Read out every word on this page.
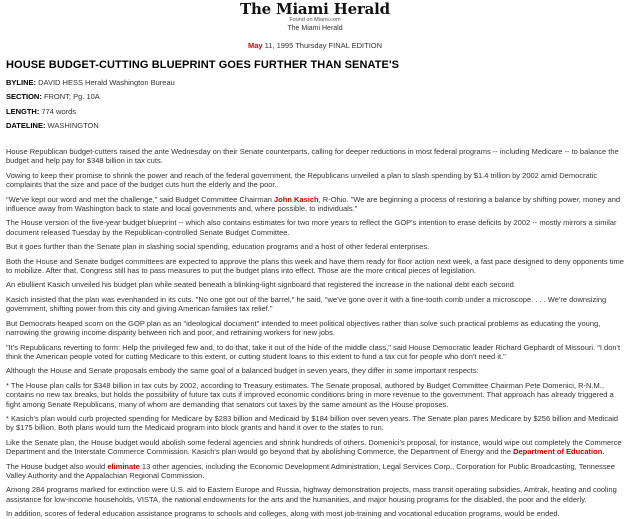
The Miami Herald
Found on Miami.com
The Miami Herald
May 11, 1995 Thursday FINAL EDITION
HOUSE BUDGET-CUTTING BLUEPRINT GOES FURTHER THAN SENATE'S
BYLINE: DAVID HESS Herald Washington Bureau
SECTION: FRONT; Pg. 10A
LENGTH: 774 words
DATELINE: WASHINGTON

House Republican budget-cutters raised the ante Wednesday on their Senate counterparts, calling for deeper reductions in most federal programs -- including Medicare -- to balance the budget and help pay for $348 billion in tax cuts.

Vowing to keep their promise to shrink the power and reach of the federal government, the Republicans unveiled a plan to slash spending by $1.4 trillion by 2002 amid Democratic complaints that the size and pace of the budget cuts hurt the elderly and the poor.

"We've kept our word and met the challenge," said Budget Committee Chairman John Kasich, R-Ohio. "We are beginning a process of restoring a balance by shifting power, money and influence away from Washington back to state and local governments and, where possible, to individuals."

The House version of the five-year budget blueprint -- which also contains estimates for two more years to reflect the GOP's intention to erase deficits by 2002 -- mostly mirrors a similar document released Tuesday by the Republican-controlled Senate Budget Committee.

But it goes further than the Senate plan in slashing social spending, education programs and a host of other federal enterprises.

Both the House and Senate budget committees are expected to approve the plans this week and have them ready for floor action next week, a fast pace designed to deny opponents time to mobilize. After that, Congress still has to pass measures to put the budget plans into effect. Those are the more critical pieces of legislation.

An ebullient Kasich unveiled his budget plan while seated beneath a blinking-light signboard that registered the increase in the national debt each second.

Kasich insisted that the plan was evenhanded in its cuts. "No one got out of the barrel," he said, "we've gone over it with a fine-tooth comb under a microscope. . . . We're downsizing government, shifting power from this city and giving American families tax relief."

But Democrats heaped scorn on the GOP plan as an "ideological document" intended to meet political objectives rather than solve such practical problems as educating the young, narrowing the growing income disparity between rich and poor, and retraining workers for new jobs.

"It's Republicans reverting to form: Help the privileged few and, to do that, take it out of the hide of the middle class," said House Democratic leader Richard Gephardt of Missouri. "I don't think the American people voted for cutting Medicare to this extent, or cutting student loans to this extent to fund a tax cut for people who don't need it."

Although the House and Senate proposals embody the same goal of a balanced budget in seven years, they differ in some important respects:

* The House plan calls for $348 billion in tax cuts by 2002, according to Treasury estimates. The Senate proposal, authored by Budget Committee Chairman Pete Domenici, R-N.M., contains no new tax breaks, but holds the possibility of future tax cuts if improved economic conditions bring in more revenue to the government. That approach has already triggered a fight among Senate Republicans, many of whom are demanding that senators cut taxes by the same amount as the House proposes.

* Kasich's plan would curb projected spending for Medicare by $283 billion and Medicaid by $184 billion over seven years. The Senate plan pares Medicare by $256 billion and Medicaid by $175 billion. Both plans would turn the Medicaid program into block grants and hand it over to the states to run.

Like the Senate plan, the House budget would abolish some federal agencies and shrink hundreds of others. Domenici's proposal, for instance, would wipe out completely the Commerce Department and the Interstate Commerce Commission. Kasich's plan would go beyond that by abolishing Commerce, the Department of Energy and the Department of Education.

The House budget also would eliminate 13 other agencies, including the Economic Development Administration, Legal Services Corp., Corporation for Public Broadcasting, Tennessee Valley Authority and the Appalachian Regional Commission.

Among 284 programs marked for extinction were U.S. aid to Eastern Europe and Russia, highway demonstration projects, mass transit operating subsidies, Amtrak, heating and cooling assistance for low-income households, VISTA, the national endowments for the arts and the humanities, and major housing programs for the disabled, the poor and the elderly.

In addition, scores of federal education assistance programs to schools and colleges, along with most job-training and vocational education programs, would be ended.
